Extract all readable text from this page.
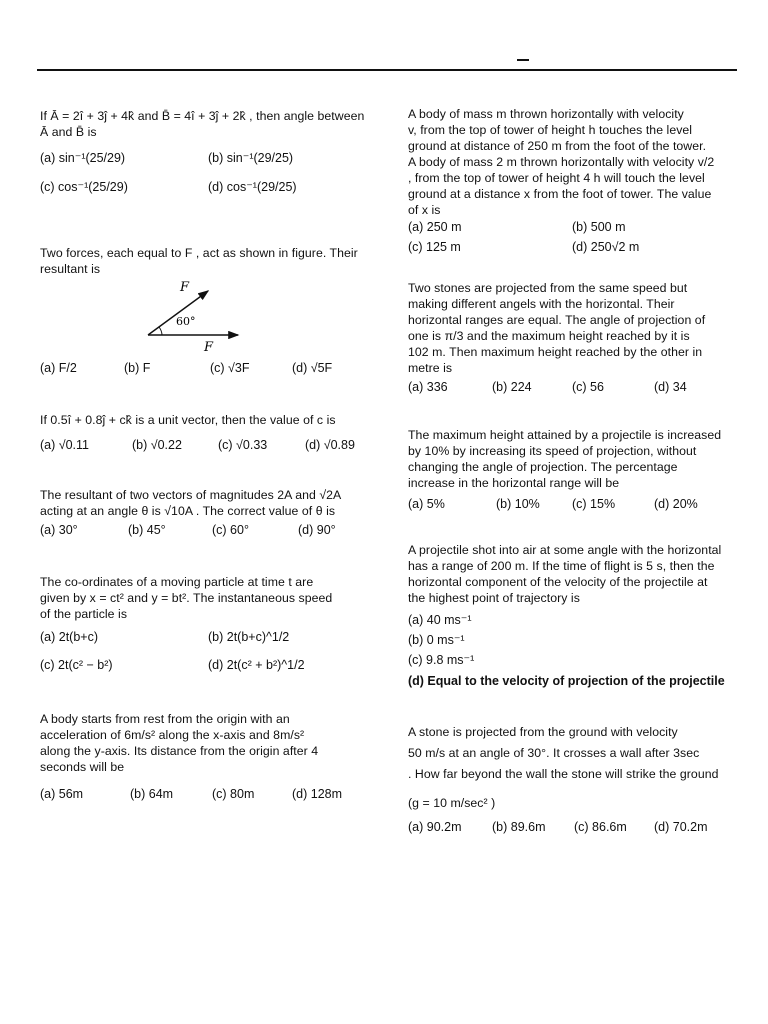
If Ā = 2î + 3ĵ + 4k̂ and B̄ = 4î + 3ĵ + 2k̂ , then angle between

Ā and B̄ is

(a) sin⁻¹(25/29)	(b) sin⁻¹(29/25)
(c) cos⁻¹(25/29)	(d) cos⁻¹(29/25)

Two forces, each equal to F , act as shown in figure. Their

resultant is

F
60°
F
(a) F/2	(b) F	(c) √3F	(d) √5F

If 0.5î + 0.8ĵ + ck̂ is a unit vector, then the value of c is

(a) √0.11	(b) √0.22	(c) √0.33	(d) √0.89

The resultant of two vectors of magnitudes 2A and √2A

acting at an angle θ is √10A . The correct value of θ is

(a) 30°	(b) 45°	(c) 60°	(d) 90°

The co-ordinates of a moving particle at time t are

given by x = ct² and y = bt². The instantaneous speed

of the particle is

(a) 2t(b+c)	(b) 2t(b+c)^1/2
(c) 2t(c² − b²)	(d) 2t(c² + b²)^1/2

A body starts from rest from the origin with an

acceleration of 6m/s² along the x-axis and 8m/s²

along the y-axis. Its distance from the origin after 4

seconds will be

(a) 56m	(b) 64m	(c) 80m	(d) 128m

A body of mass m thrown horizontally with velocity

v, from the top of tower of height h touches the level

ground at distance of 250 m from the foot of the tower.

A body of mass 2 m thrown horizontally with velocity v/2

, from the top of tower of height 4 h will touch the level

ground at a distance x from the foot of tower. The value

of x is

(a) 250 m	(b) 500 m
(c) 125 m	(d) 250√2 m

Two stones are projected from the same speed but

making different angels with the horizontal. Their

horizontal ranges are equal. The angle of projection of

one is π/3 and the maximum height reached by it is

102 m. Then maximum height reached by the other in

metre is

(a) 336	(b) 224	(c) 56	(d) 34

The maximum height attained by a projectile is increased

by 10% by increasing its speed of projection, without

changing the angle of projection. The percentage

increase in the horizontal range will be

(a) 5%	(b) 10%	(c) 15%	(d) 20%

A projectile shot into air at some angle with the horizontal

has a range of 200 m. If the time of flight is 5 s, then the

horizontal component of the velocity of the projectile at

the highest point of trajectory is

(a) 40 ms⁻¹
(b) 0 ms⁻¹
(c) 9.8 ms⁻¹
(d) Equal to the velocity of projection of the projectile

A stone is projected from the ground with velocity

50 m/s at an angle of 30°. It crosses a wall after 3sec

. How far beyond the wall the stone will strike the ground

(g = 10 m/sec² )

(a) 90.2m (b) 89.6m (c) 86.6m (d) 70.2m
